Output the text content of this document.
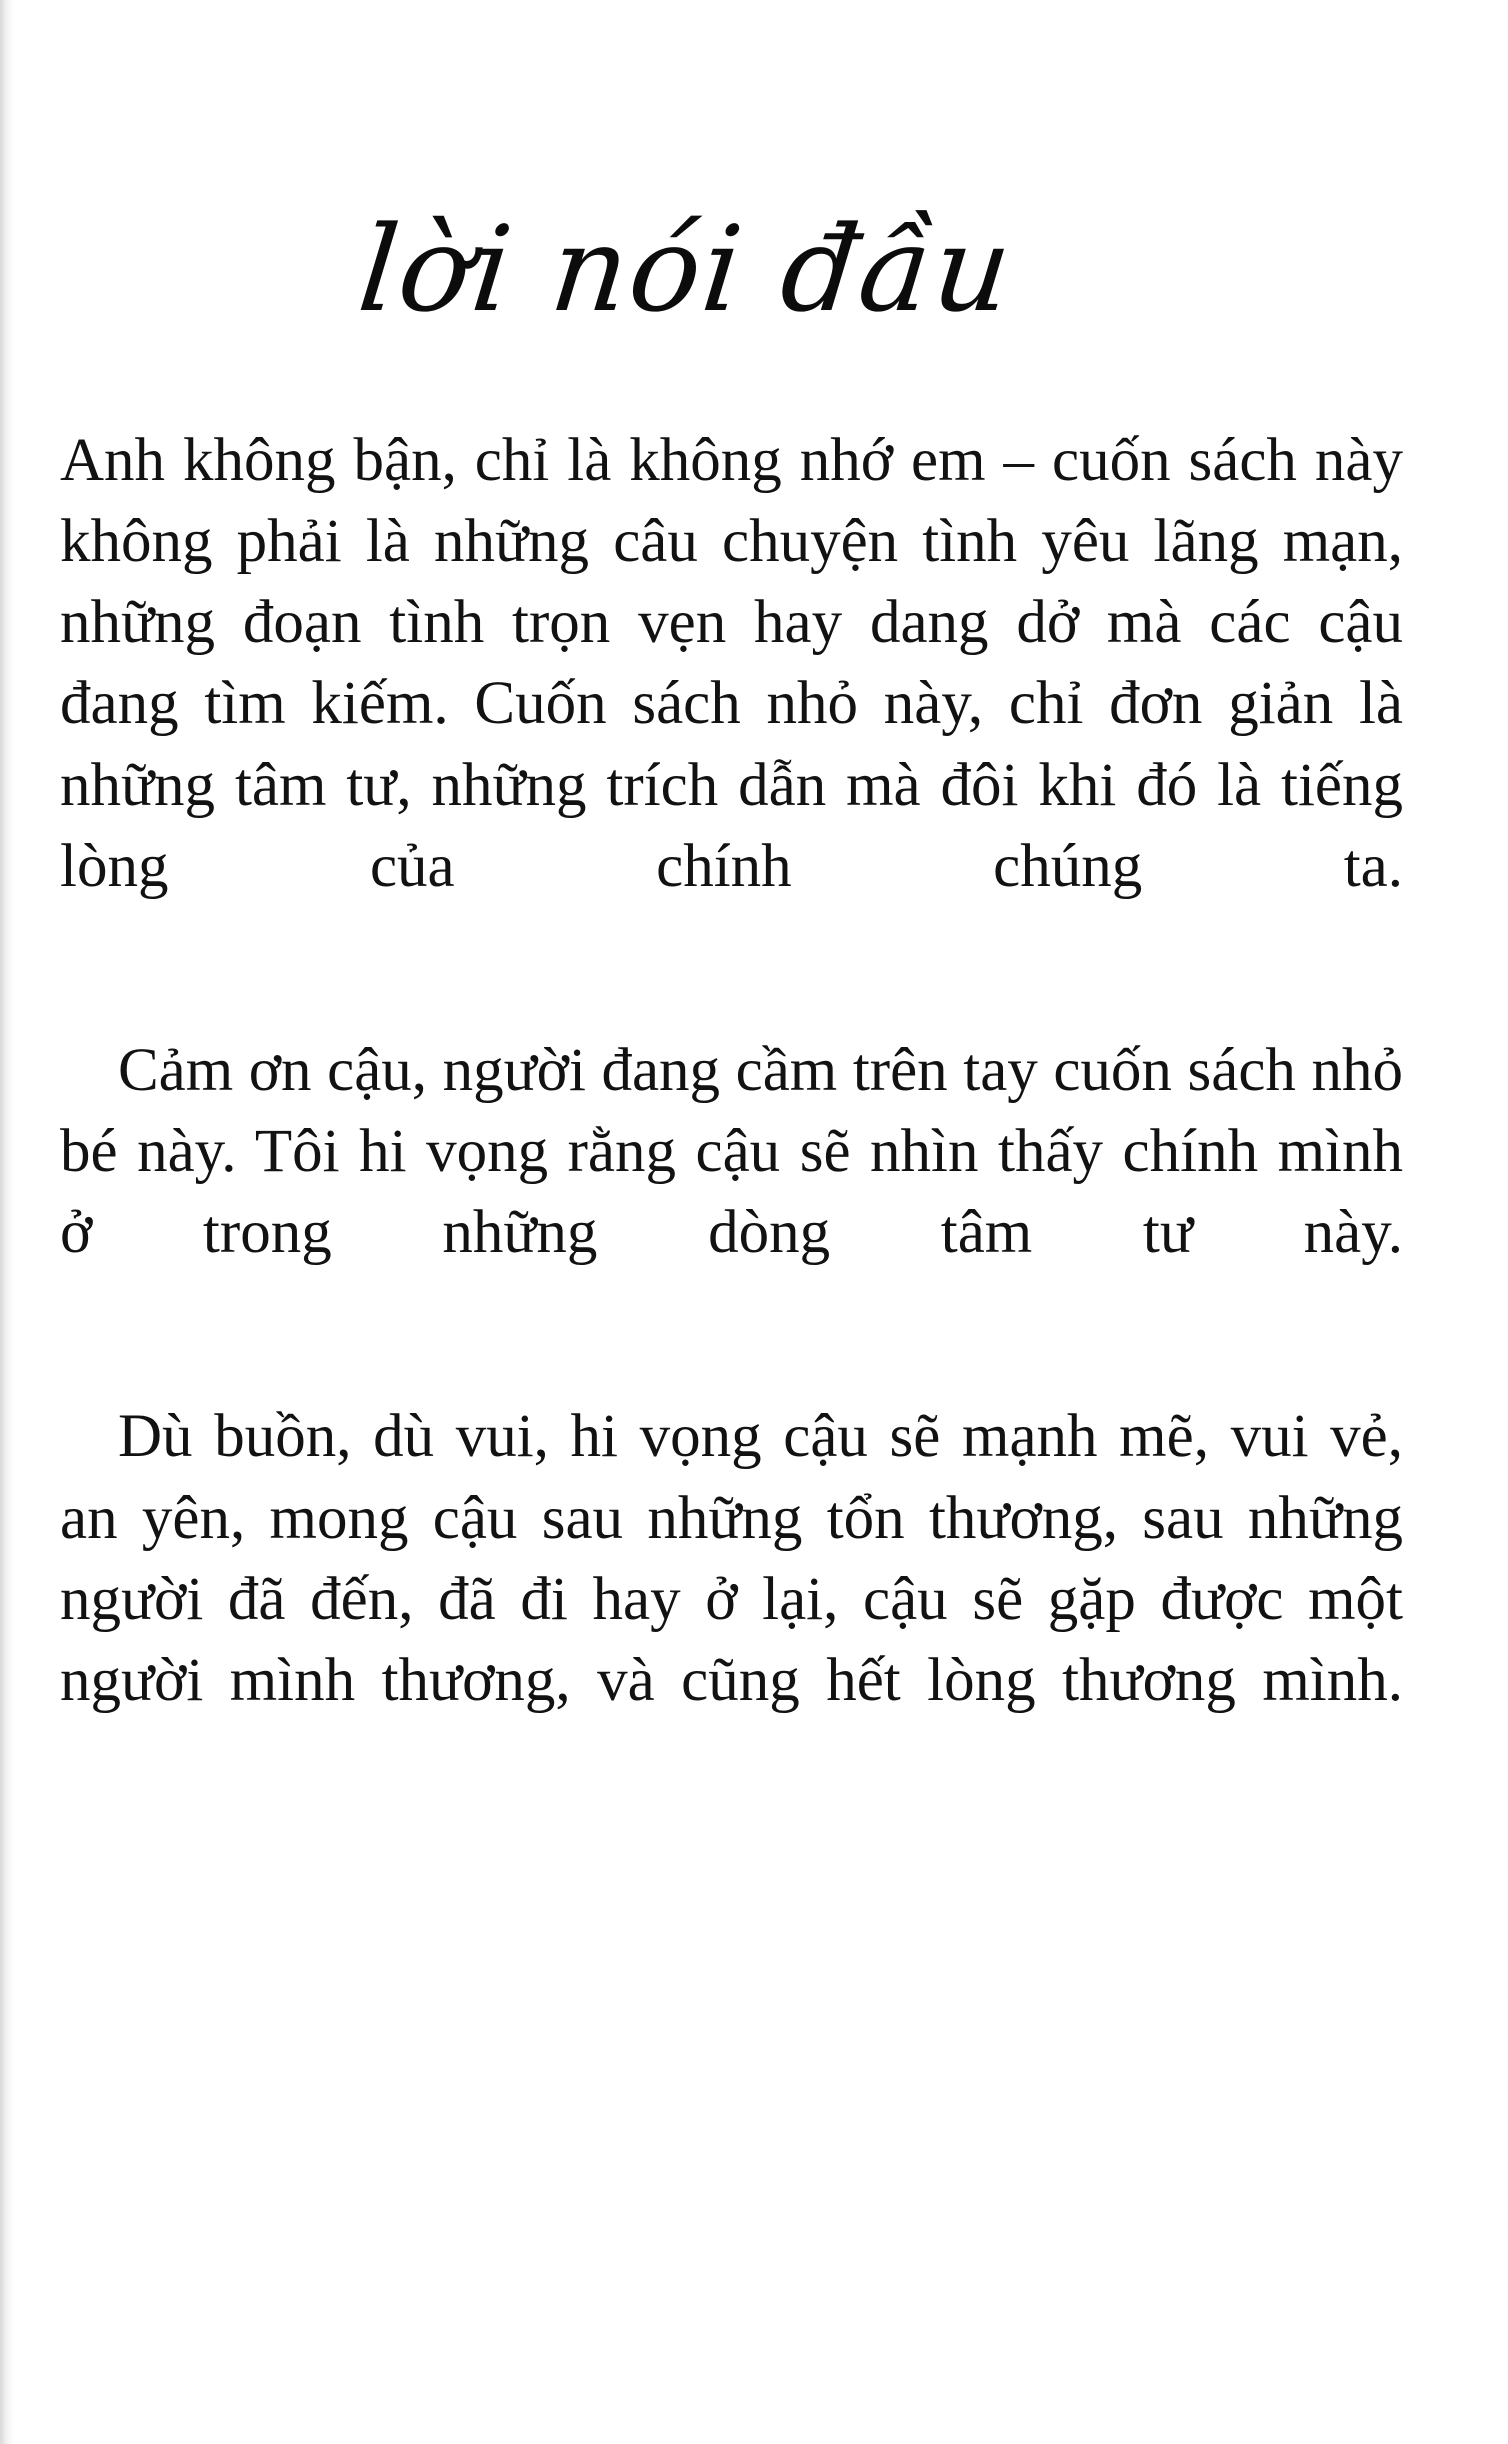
lời nói đầu

Anh không bận, chỉ là không nhớ em – cuốn sách này không phải là những câu chuyện tình yêu lãng mạn, những đoạn tình trọn vẹn hay dang dở mà các cậu đang tìm kiếm. Cuốn sách nhỏ này, chỉ đơn giản là những tâm tư, những trích dẫn mà đôi khi đó là tiếng lòng của chính chúng ta.

Cảm ơn cậu, người đang cầm trên tay cuốn sách nhỏ bé này. Tôi hi vọng rằng cậu sẽ nhìn thấy chính mình ở trong những dòng tâm tư này.

Dù buồn, dù vui, hi vọng cậu sẽ mạnh mẽ, vui vẻ, an yên, mong cậu sau những tổn thương, sau những người đã đến, đã đi hay ở lại, cậu sẽ gặp được một người mình thương, và cũng hết lòng thương mình.
